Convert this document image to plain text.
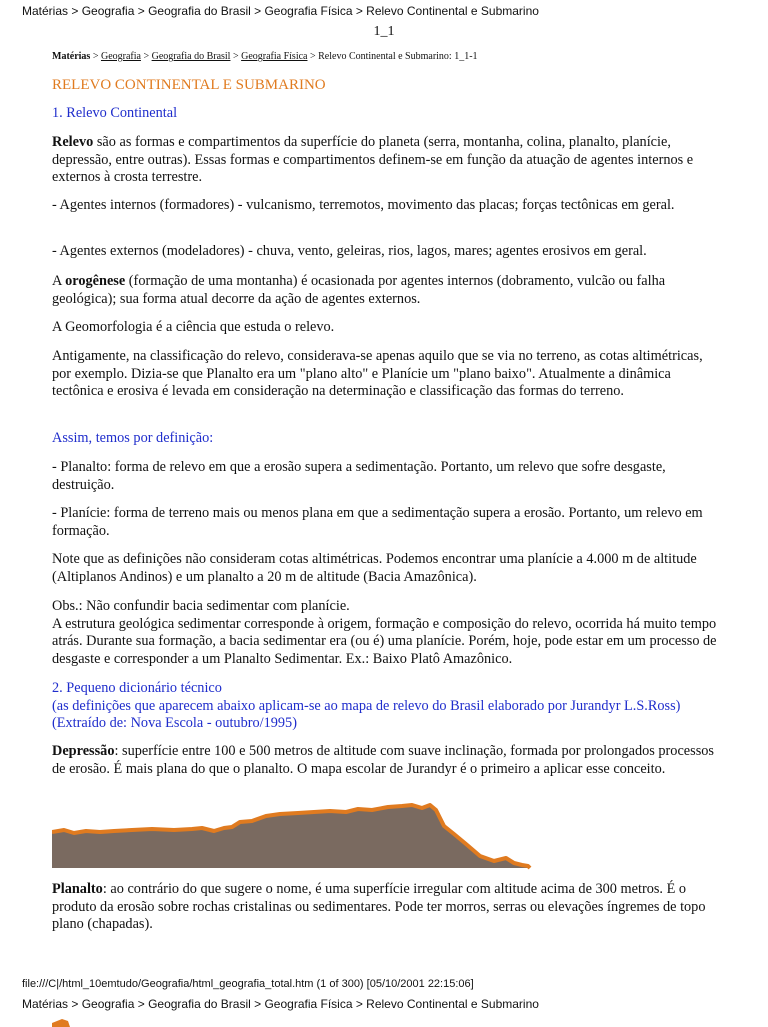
Matérias > Geografia > Geografia do Brasil > Geografia Física > Relevo Continental e Submarino
1_1
Matérias > Geografia > Geografia do Brasil > Geografia Física > Relevo Continental e Submarino: 1_1-1

RELEVO CONTINENTAL E SUBMARINO

1. Relevo Continental

Relevo são as formas e compartimentos da superfície do planeta (serra, montanha, colina, planalto, planície, depressão, entre outras). Essas formas e compartimentos definem-se em função da atuação de agentes internos e externos à crosta terrestre.

- Agentes internos (formadores) - vulcanismo, terremotos, movimento das placas; forças tectônicas em geral.

- Agentes externos (modeladores) - chuva, vento, geleiras, rios, lagos, mares; agentes erosivos em geral.

A orogênese (formação de uma montanha) é ocasionada por agentes internos (dobramento, vulcão ou falha geológica); sua forma atual decorre da ação de agentes externos.

A Geomorfologia é a ciência que estuda o relevo.

Antigamente, na classificação do relevo, considerava-se apenas aquilo que se via no terreno, as cotas altimétricas, por exemplo. Dizia-se que Planalto era um "plano alto" e Planície um "plano baixo". Atualmente a dinâmica tectônica e erosiva é levada em consideração na determinação e classificação das formas do terreno.

Assim, temos por definição:

- Planalto: forma de relevo em que a erosão supera a sedimentação. Portanto, um relevo que sofre desgaste, destruição.

- Planície: forma de terreno mais ou menos plana em que a sedimentação supera a erosão. Portanto, um relevo em formação.

Note que as definições não consideram cotas altimétricas. Podemos encontrar uma planície a 4.000 m de altitude (Altiplanos Andinos) e um planalto a 20 m de altitude (Bacia Amazônica).

Obs.: Não confundir bacia sedimentar com planície.
A estrutura geológica sedimentar corresponde à origem, formação e composição do relevo, ocorrida há muito tempo atrás. Durante sua formação, a bacia sedimentar era (ou é) uma planície. Porém, hoje, pode estar em um processo de desgaste e corresponder a um Planalto Sedimentar. Ex.: Baixo Platô Amazônico.

2. Pequeno dicionário técnico
(as definições que aparecem abaixo aplicam-se ao mapa de relevo do Brasil elaborado por Jurandyr L.S.Ross) (Extraído de: Nova Escola - outubro/1995)

Depressão: superfície entre 100 e 500 metros de altitude com suave inclinação, formada por prolongados processos de erosão. É mais plana do que o planalto. O mapa escolar de Jurandyr é o primeiro a aplicar esse conceito.

Planalto: ao contrário do que sugere o nome, é uma superfície irregular com altitude acima de 300 metros. É o produto da erosão sobre rochas cristalinas ou sedimentares. Pode ter morros, serras ou elevações íngremes de topo plano (chapadas).

file:///C|/html_10emtudo/Geografia/html_geografia_total.htm (1 of 300) [05/10/2001 22:15:06]
Matérias > Geografia > Geografia do Brasil > Geografia Física > Relevo Continental e Submarino
